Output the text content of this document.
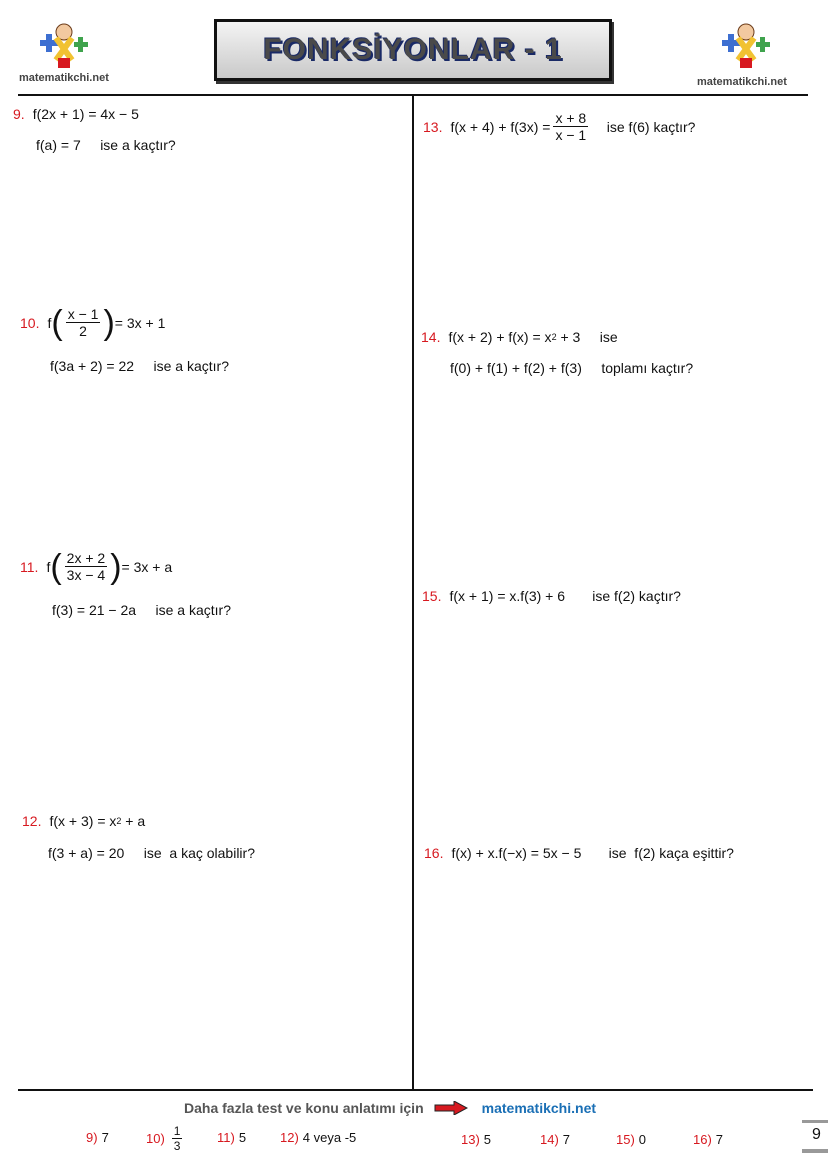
matematikchi.net	matematikchi.net
FONKSİYONLAR - 1
9. f(2x + 1) = 4x − 5
f(a) = 7     ise a kaçtır?
10. f ( $\frac{x - 1}{2}$ ) = 3x + 1
f(3a + 2) = 22     ise a kaçtır?
11. f ( $\frac{2x + 2}{3x - 4}$ ) = 3x + a
f(3) = 21 − 2a     ise a kaçtır?
12. f(x + 3) = x 2 + a
f(3 + a) = 20     ise  a kaç olabilir?
13. $f(x + 4) + f(3x) = \frac{x + 8}{x - 1}$ ise f(6) kaçtır?
14. f(x + 2) + f(x) = x 2 + 3     ise
f(0) + f(1) + f(2) + f(3)     toplamı kaçtır?
15. f(x + 1) = x.f(3) + 6       ise f(2) kaçtır?
16. f(x) + x.f(−x) = 5x − 5       ise  f(2) kaça eşittir?
Daha fazla test ve konu anlatımı için	matematikchi.net
9) 7	$10) \frac{1}{3}$	11) 5	12) 4 veya -5	13) 5	14) 7	15) 0	16) 7	9
